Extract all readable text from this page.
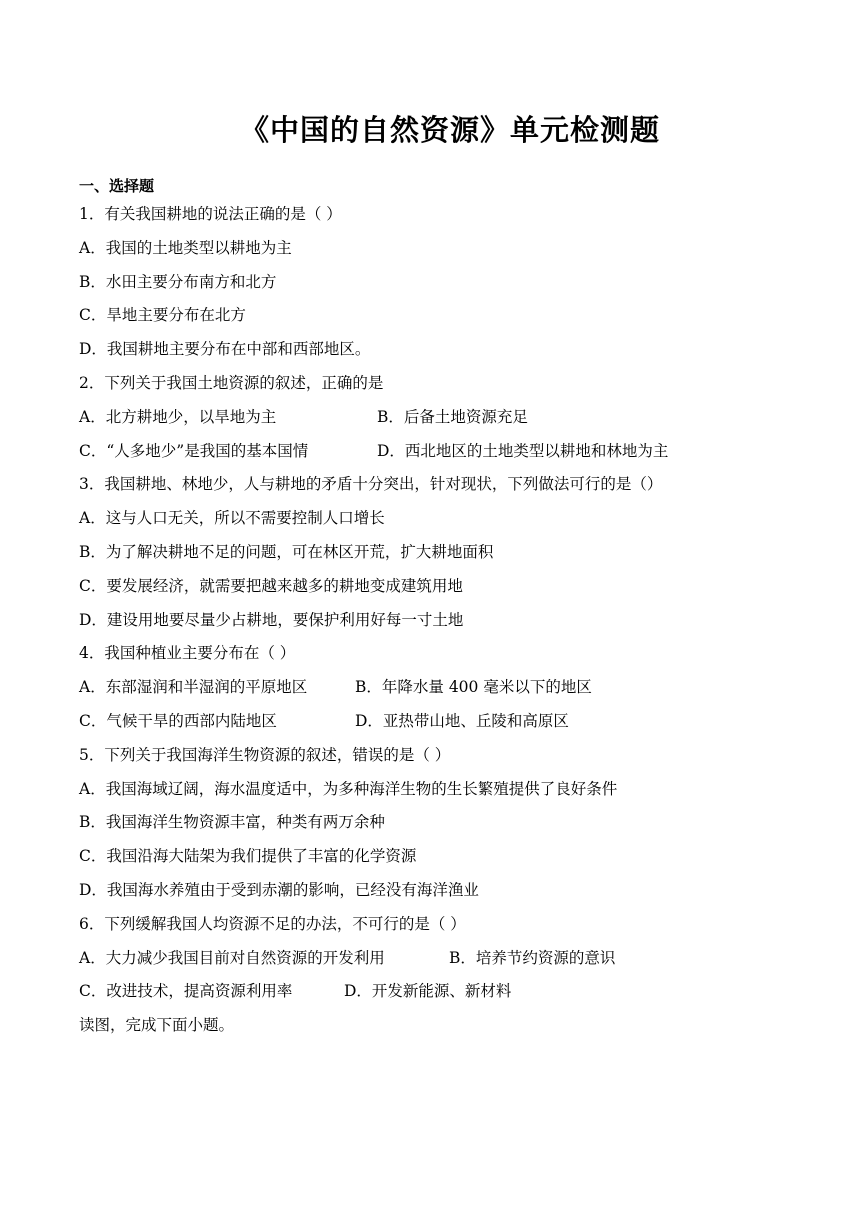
《中国的自然资源》单元检测题
一、选择题
1．有关我国耕地的说法正确的是（ ）
A．我国的土地类型以耕地为主
B．水田主要分布南方和北方
C．旱地主要分布在北方
D．我国耕地主要分布在中部和西部地区。
2．下列关于我国土地资源的叙述，正确的是
A．北方耕地少，以旱地为主	B．后备土地资源充足
C．“人多地少”是我国的基本国情	D．西北地区的土地类型以耕地和林地为主
3．我国耕地、林地少，人与耕地的矛盾十分突出，针对现状，下列做法可行的是（）
A．这与人口无关，所以不需要控制人口增长
B．为了解决耕地不足的问题，可在林区开荒，扩大耕地面积
C．要发展经济，就需要把越来越多的耕地变成建筑用地
D．建设用地要尽量少占耕地，要保护利用好每一寸土地
4．我国种植业主要分布在（ ）
A．东部湿润和半湿润的平原地区	B．年降水量 400 毫米以下的地区
C．气候干旱的西部内陆地区	D．亚热带山地、丘陵和高原区
5．下列关于我国海洋生物资源的叙述，错误的是（ ）
A．我国海域辽阔，海水温度适中，为多种海洋生物的生长繁殖提供了良好条件
B．我国海洋生物资源丰富，种类有两万余种
C．我国沿海大陆架为我们提供了丰富的化学资源
D．我国海水养殖由于受到赤潮的影响，已经没有海洋渔业
6．下列缓解我国人均资源不足的办法，不可行的是（ ）
A．大力减少我国目前对自然资源的开发利用	B．培养节约资源的意识
C．改进技术，提高资源利用率	D．开发新能源、新材料
读图，完成下面小题。
